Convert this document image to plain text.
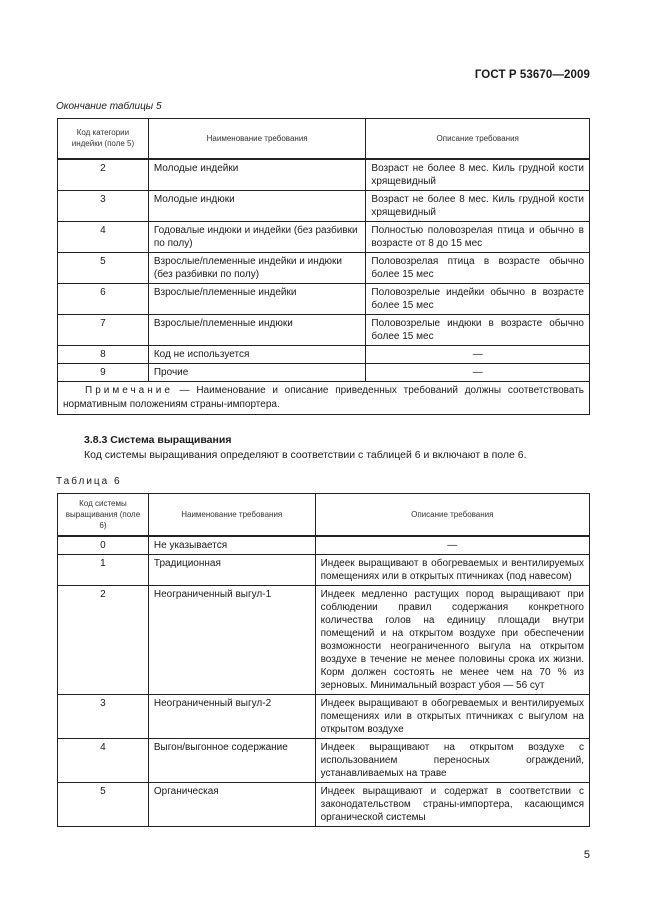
ГОСТ Р 53670—2009
Окончание таблицы 5
Код категории индейки (поле 5)	Наименование требования	Описание требования
2	Молодые индейки	Возраст не более 8 мес. Киль грудной кости хрящевидный
3	Молодые индюки	Возраст не более 8 мес. Киль грудной кости хрящевидный
4	Годовалые индюки и индейки (без разбивки по полу)	Полностью половозрелая птица и обычно в возрасте от 8 до 15 мес
5	Взрослые/племенные индейки и индюки (без разбивки по полу)	Половозрелая птица в возрасте обычно более 15 мес
6	Взрослые/племенные индейки	Половозрелые индейки обычно в возрасте более 15 мес
7	Взрослые/племенные индюки	Половозрелые индюки в возрасте обычно более 15 мес
8	Код не используется	—
9	Прочие	—
Примечание — Наименование и описание приведенных требований должны соответствовать нормативным положениям страны-импортера.		
3.8.3 Система выращивания
Код системы выращивания определяют в соответствии с таблицей 6 и включают в поле 6.
Таблица 6
Код системы выращивания (поле 6)	Наименование требования	Описание требования
0	Не указывается	—
1	Традиционная	Индеек выращивают в обогреваемых и вентилируемых помещениях или в открытых птичниках (под навесом)
2	Неограниченный выгул-1	Индеек медленно растущих пород выращивают при соблюдении правил содержания конкретного количества голов на единицу площади внутри помещений и на открытом воздухе при обеспечении возможности неограниченного выгула на открытом воздухе в течение не менее половины срока их жизни. Корм должен состоять не менее чем на 70 % из зерновых. Минимальный возраст убоя — 56 сут
3	Неограниченный выгул-2	Индеек выращивают в обогреваемых и вентилируемых помещениях или в открытых птичниках с выгулом на открытом воздухе
4	Выгон/выгонное содержание	Индеек выращивают на открытом воздухе с использованием переносных ограждений, устанавливаемых на траве
5	Органическая	Индеек выращивают и содержат в соответствии с законодательством страны-импортера, касающимся органической системы
5
